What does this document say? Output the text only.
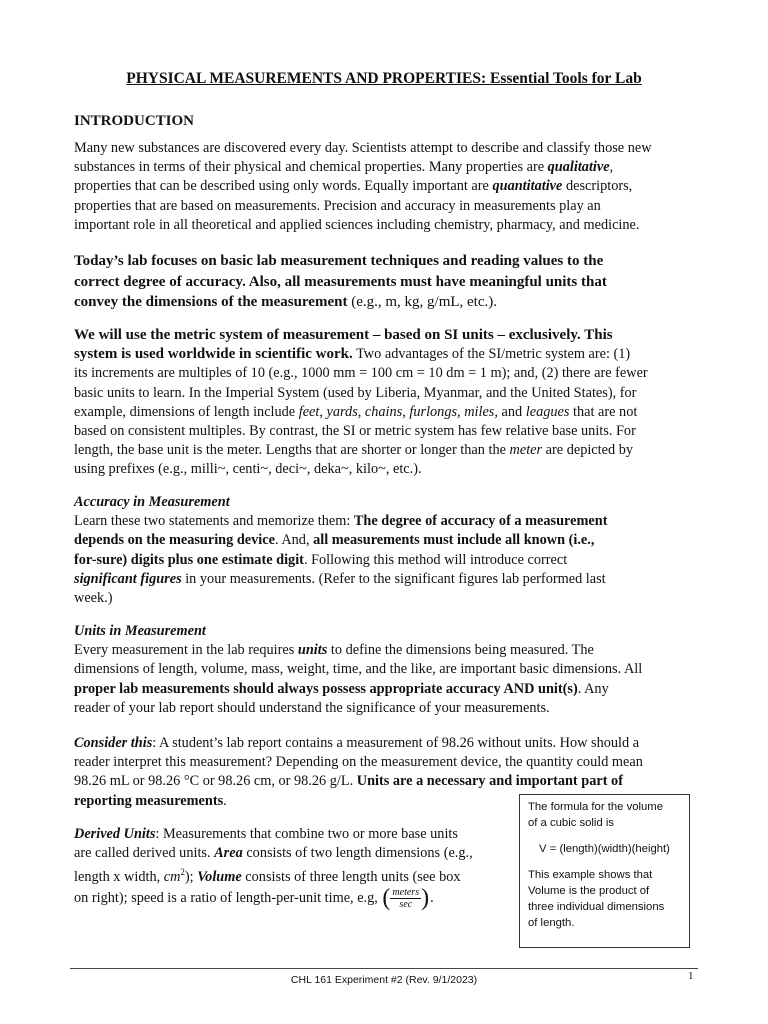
PHYSICAL MEASUREMENTS AND PROPERTIES: Essential Tools for Lab
INTRODUCTION
Many new substances are discovered every day. Scientists attempt to describe and classify those new
substances in terms of their physical and chemical properties. Many properties are qualitative,
properties that can be described using only words. Equally important are quantitative descriptors,
properties that are based on measurements. Precision and accuracy in measurements play an
important role in all theoretical and applied sciences including chemistry, pharmacy, and medicine.
Today’s lab focuses on basic lab measurement techniques and reading values to the
correct degree of accuracy. Also, all measurements must have meaningful units that
convey the dimensions of the measurement (e.g., m, kg, g/mL, etc.).
We will use the metric system of measurement – based on SI units – exclusively. This
system is used worldwide in scientific work. Two advantages of the SI/metric system are: (1)
its increments are multiples of 10 (e.g., 1000 mm = 100 cm = 10 dm = 1 m); and, (2) there are fewer
basic units to learn. In the Imperial System (used by Liberia, Myanmar, and the United States), for
example, dimensions of length include feet, yards, chains, furlongs, miles, and leagues that are not
based on consistent multiples. By contrast, the SI or metric system has few relative base units. For
length, the base unit is the meter. Lengths that are shorter or longer than the meter are depicted by
using prefixes (e.g., milli~, centi~, deci~, deka~, kilo~, etc.).
Accuracy in Measurement
Learn these two statements and memorize them: The degree of accuracy of a measurement
depends on the measuring device. And, all measurements must include all known (i.e.,
for-sure) digits plus one estimate digit. Following this method will introduce correct
significant figures in your measurements. (Refer to the significant figures lab performed last
week.)
Units in Measurement
Every measurement in the lab requires units to define the dimensions being measured. The
dimensions of length, volume, mass, weight, time, and the like, are important basic dimensions. All
proper lab measurements should always possess appropriate accuracy AND unit(s). Any
reader of your lab report should understand the significance of your measurements.
Consider this: A student’s lab report contains a measurement of 98.26 without units. How should a
reader interpret this measurement? Depending on the measurement device, the quantity could mean
98.26 mL or 98.26 °C or 98.26 cm, or 98.26 g/L. Units are a necessary and important part of
reporting measurements.
Derived Units: Measurements that combine two or more base units
are called derived units. Area consists of two length dimensions (e.g.,
length x width, $cm^2$); Volume consists of three length units (see box
on right); speed is a ratio of length-per-unit time, e.g, ( $\frac{\text{meters}}{\sec}$ ).
The formula for the volume
of a cubic solid is
V = (length)(width)(height)
This example shows that
Volume is the product of
three individual dimensions
of length.
CHL 161 Experiment #2 (Rev. 9/1/2023)	1
